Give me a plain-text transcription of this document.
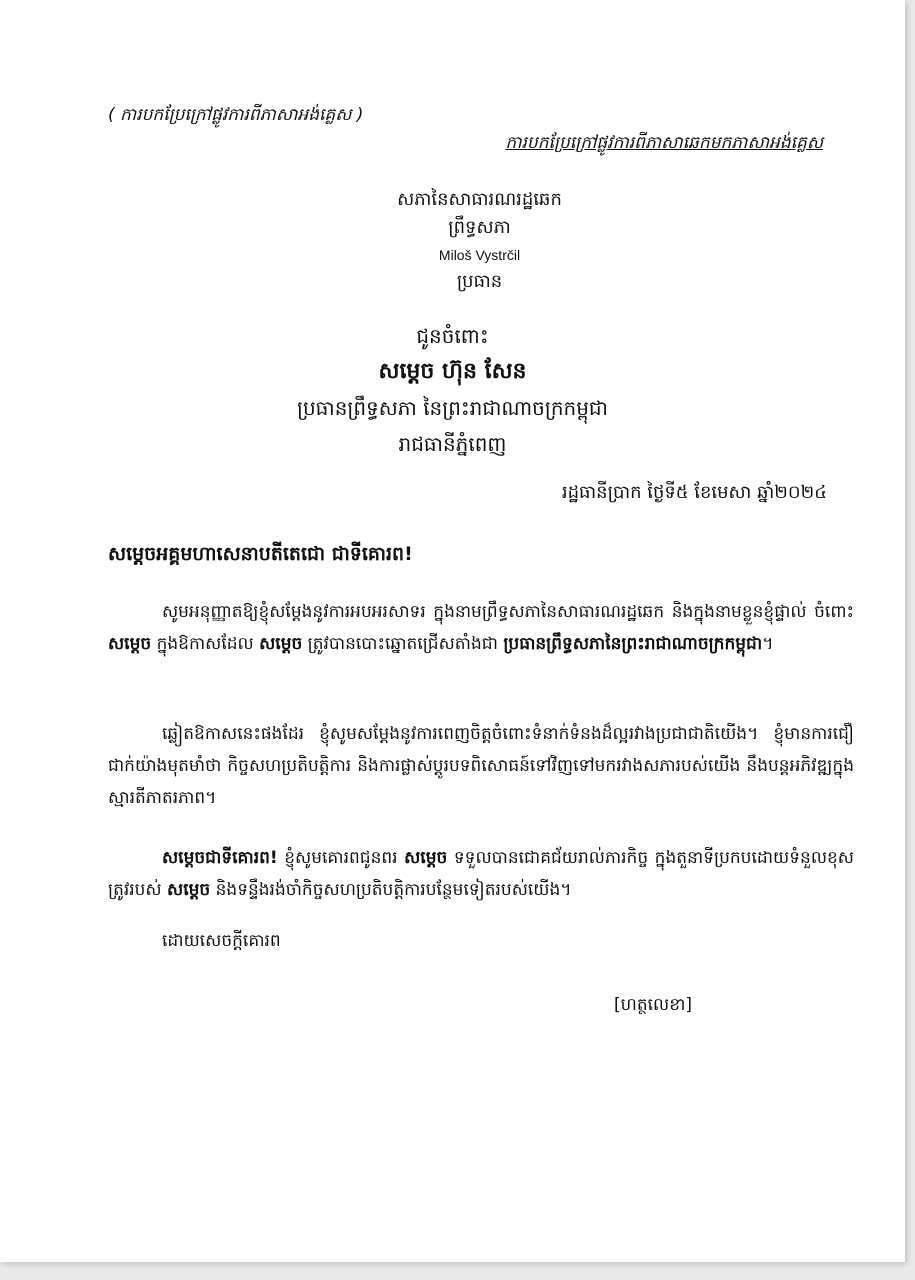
( ការបកប្រែក្រៅផ្លូវការពីភាសាអង់គ្លេស )
ការបកប្រែក្រៅផ្លូវការពីភាសាឆេកមកភាសាអង់គ្លេស
សភានៃសាធារណរដ្ឋឆេក
ព្រឹទ្ធសភា
Miloš Vystrčil
ប្រធាន
ជូនចំពោះ
សម្តេច ហ៊ុន សែន
ប្រធានព្រឹទ្ធសភា នៃព្រះរាជាណាចក្រកម្ពុជា
រាជធានីភ្នំពេញ
រដ្ឋធានីប្រាក ថ្ងៃទី៥ ខែមេសា ឆ្នាំ២០២៤
សម្តេចអគ្គមហាសេនាបតីតេជោ ជាទីគោរព!
សូមអនុញ្ញាតឱ្យខ្ញុំសម្តែងនូវការអបអរសាទរ ក្នុងនាមព្រឹទ្ធសភានៃសាធារណរដ្ឋឆេក និងក្នុងនាមខ្លួនខ្ញុំផ្ទាល់ ចំពោះ សម្តេច ក្នុងឱកាសដែល សម្តេច ត្រូវបានបោះឆ្នោតជ្រើសតាំងជា ប្រធានព្រឹទ្ធសភានៃព្រះរាជាណាចក្រកម្ពុជា។
ឆ្លៀតឱកាសនេះផងដែរ ខ្ញុំសូមសម្តែងនូវការពេញចិត្តចំពោះទំនាក់ទំនងដ៏ល្អរវាងប្រជាជាតិយើង។ ខ្ញុំមានការជឿជាក់យ៉ាងមុតមាំថា កិច្ចសហប្រតិបត្តិការ និងការផ្លាស់ប្តូរបទពិសោធន៍ទៅវិញទៅមករវាងសភារបស់យើង នឹងបន្តអភិវឌ្ឍក្នុងស្មារតីភាតរភាព។
សម្តេចជាទីគោរព! ខ្ញុំសូមគោរពជូនពរ សម្តេច ទទួលបានជោគជ័យរាល់ភារកិច្ច ក្នុងតួនាទីប្រកបដោយទំនួលខុសត្រូវរបស់ សម្តេច និងទន្ទឹងរង់ចាំកិច្ចសហប្រតិបត្តិការបន្ថែមទៀតរបស់យើង។
ដោយសេចក្តីគោរព
[ហត្ថលេខា]
